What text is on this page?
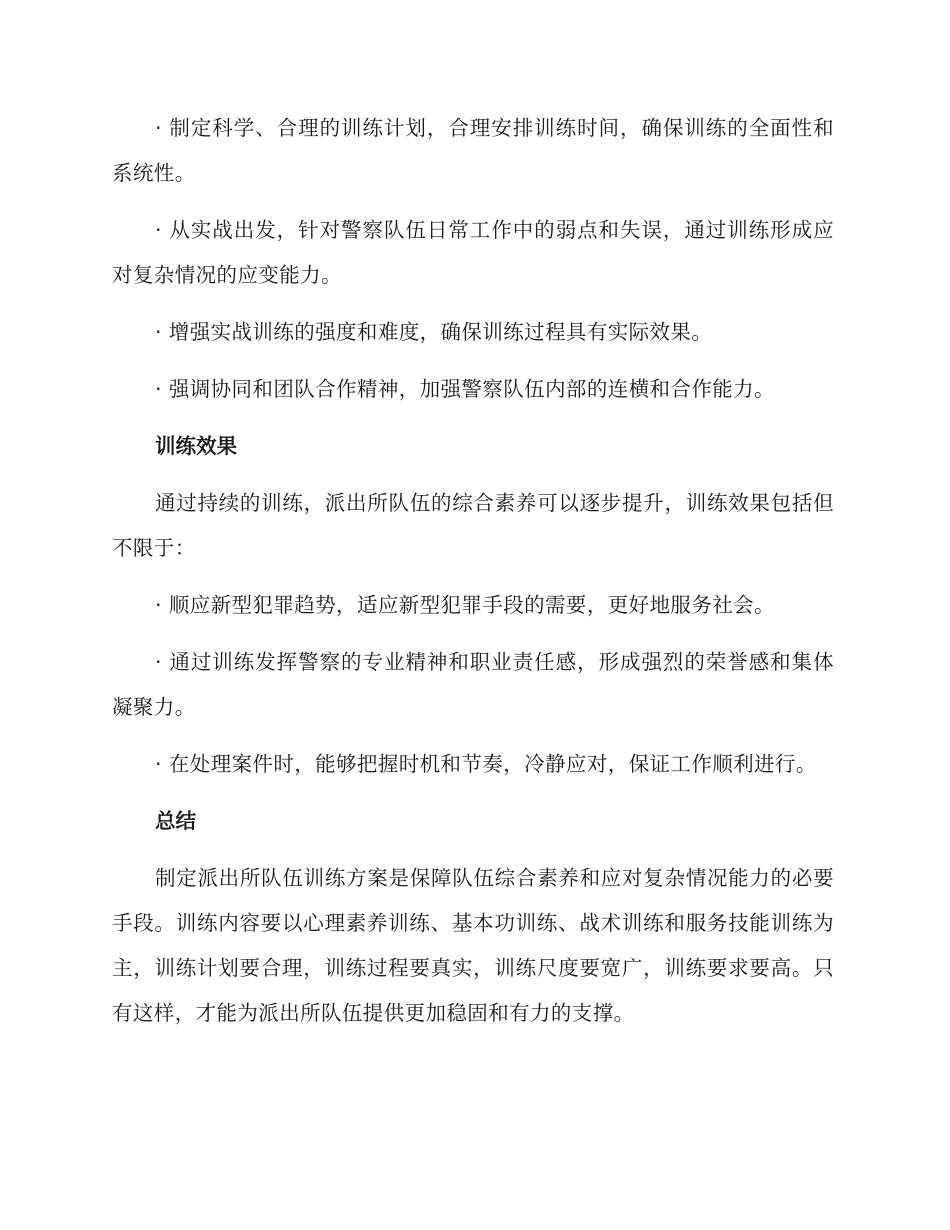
· 制定科学、合理的训练计划，合理安排训练时间，确保训练的全面性和系统性。

· 从实战出发，针对警察队伍日常工作中的弱点和失误，通过训练形成应对复杂情况的应变能力。

· 增强实战训练的强度和难度，确保训练过程具有实际效果。

· 强调协同和团队合作精神，加强警察队伍内部的连横和合作能力。

训练效果

通过持续的训练，派出所队伍的综合素养可以逐步提升，训练效果包括但不限于：

· 顺应新型犯罪趋势，适应新型犯罪手段的需要，更好地服务社会。

· 通过训练发挥警察的专业精神和职业责任感，形成强烈的荣誉感和集体凝聚力。

· 在处理案件时，能够把握时机和节奏，冷静应对，保证工作顺利进行。

总结

制定派出所队伍训练方案是保障队伍综合素养和应对复杂情况能力的必要手段。训练内容要以心理素养训练、基本功训练、战术训练和服务技能训练为主，训练计划要合理，训练过程要真实，训练尺度要宽广，训练要求要高。只有这样，才能为派出所队伍提供更加稳固和有力的支撑。
